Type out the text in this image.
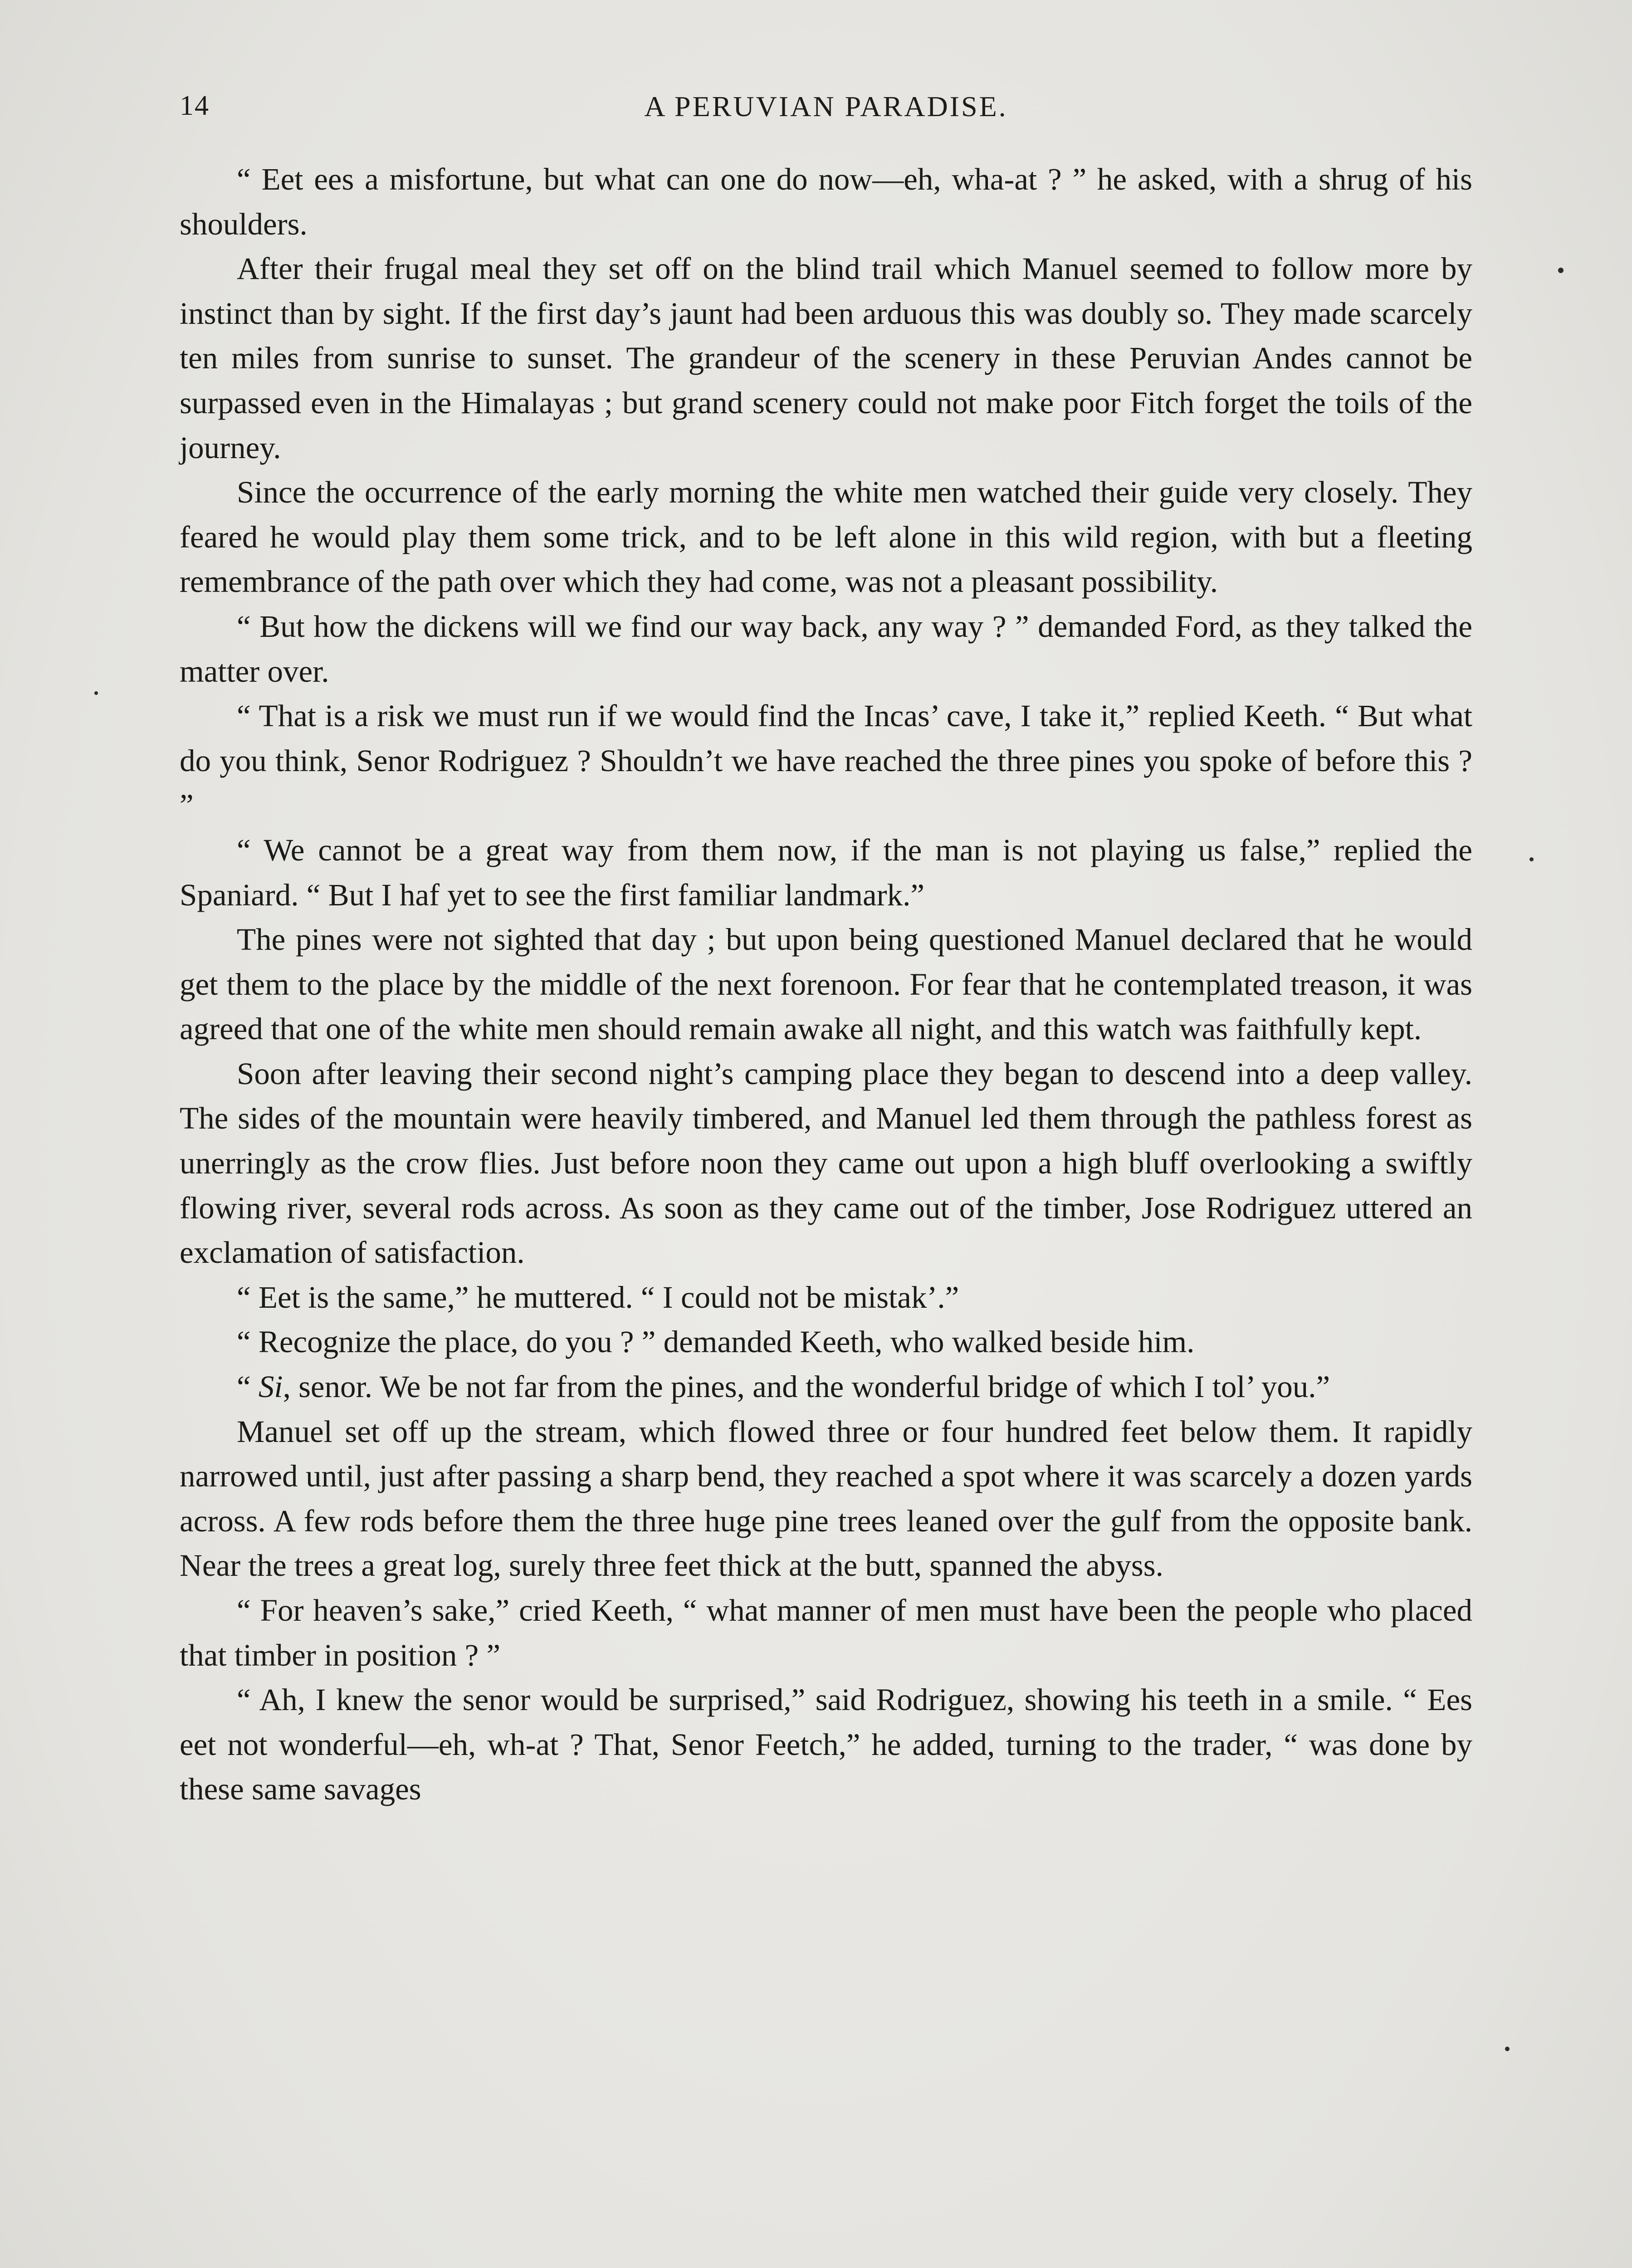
14	A PERUVIAN PARADISE.

“ Eet ees a misfortune, but what can one do now—eh, wha-at ? ” he asked, with a shrug of his shoulders.

After their frugal meal they set off on the blind trail which Manuel seemed to follow more by instinct than by sight. If the first day’s jaunt had been arduous this was doubly so. They made scarcely ten miles from sunrise to sunset. The grandeur of the scenery in these Peruvian Andes cannot be surpassed even in the Himalayas ; but grand scenery could not make poor Fitch forget the toils of the journey.

Since the occurrence of the early morning the white men watched their guide very closely. They feared he would play them some trick, and to be left alone in this wild region, with but a fleeting remembrance of the path over which they had come, was not a pleasant possibility.

“ But how the dickens will we find our way back, any way ? ” demanded Ford, as they talked the matter over.

“ That is a risk we must run if we would find the Incas’ cave, I take it,” replied Keeth. “ But what do you think, Senor Rodriguez ? Shouldn’t we have reached the three pines you spoke of before this ? ”

“ We cannot be a great way from them now, if the man is not playing us false,” replied the Spaniard. “ But I haf yet to see the first familiar landmark.”

The pines were not sighted that day ; but upon being questioned Manuel declared that he would get them to the place by the middle of the next forenoon. For fear that he contemplated treason, it was agreed that one of the white men should remain awake all night, and this watch was faithfully kept.

Soon after leaving their second night’s camping place they began to descend into a deep valley. The sides of the mountain were heavily timbered, and Manuel led them through the pathless forest as unerringly as the crow flies. Just before noon they came out upon a high bluff overlooking a swiftly flowing river, several rods across. As soon as they came out of the timber, Jose Rodriguez uttered an exclamation of satisfaction.

“ Eet is the same,” he muttered. “ I could not be mistak’.”

“ Recognize the place, do you ? ” demanded Keeth, who walked beside him.

“ Si, senor. We be not far from the pines, and the wonderful bridge of which I tol’ you.”

Manuel set off up the stream, which flowed three or four hundred feet below them. It rapidly narrowed until, just after passing a sharp bend, they reached a spot where it was scarcely a dozen yards across. A few rods before them the three huge pine trees leaned over the gulf from the opposite bank. Near the trees a great log, surely three feet thick at the butt, spanned the abyss.

“ For heaven’s sake,” cried Keeth, “ what manner of men must have been the people who placed that timber in position ? ”

“ Ah, I knew the senor would be surprised,” said Rodriguez, showing his teeth in a smile. “ Ees eet not wonderful—eh, wh-at ? That, Senor Feetch,” he added, turning to the trader, “ was done by these same savages
